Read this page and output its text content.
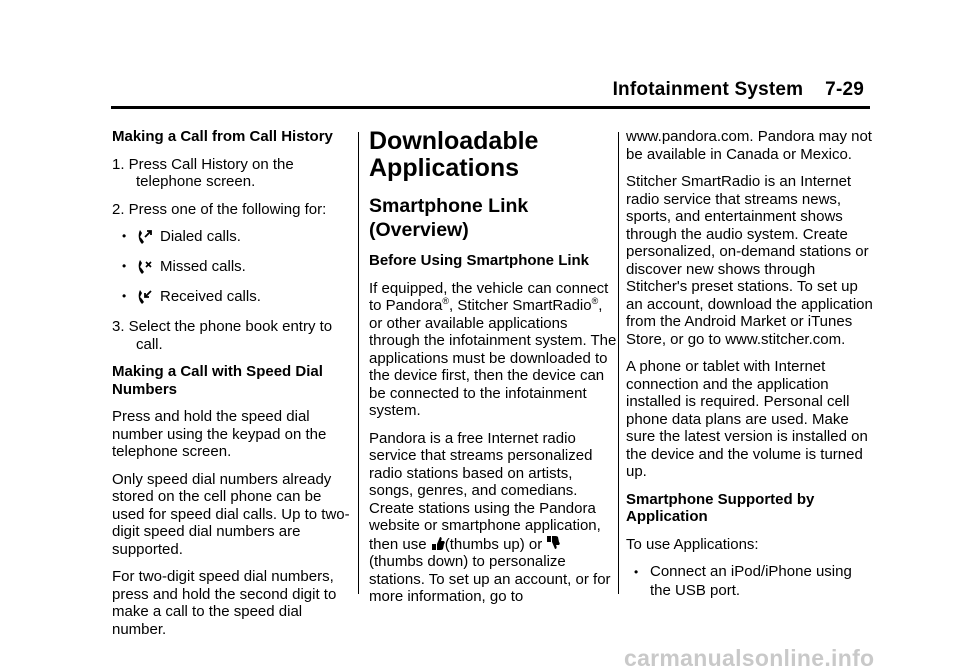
Infotainment System 7-29

Making a Call from Call History

1. Press Call History on the telephone screen.

2. Press one of the following for:

•	Dialed calls.
•	Missed calls.
•	Received calls.

3. Select the phone book entry to call.

Making a Call with Speed Dial Numbers

Press and hold the speed dial number using the keypad on the telephone screen.

Only speed dial numbers already stored on the cell phone can be used for speed dial calls. Up to two-digit speed dial numbers are supported.

For two-digit speed dial numbers, press and hold the second digit to make a call to the speed dial number.

Downloadable Applications
Smartphone Link (Overview)

Before Using Smartphone Link

If equipped, the vehicle can connect to Pandora®, Stitcher SmartRadio®, or other available applications through the infotainment system. The applications must be downloaded to the device first, then the device can be connected to the infotainment system.

Pandora is a free Internet radio service that streams personalized radio stations based on artists, songs, genres, and comedians. Create stations using the Pandora website or smartphone application, then use (thumbs up) or  (thumbs down) to personalize stations. To set up an account, or for more information, go to

www.pandora.com. Pandora may not be available in Canada or Mexico.

Stitcher SmartRadio is an Internet radio service that streams news, sports, and entertainment shows through the audio system. Create personalized, on-demand stations or discover new shows through Stitcher's preset stations. To set up an account, download the application from the Android Market or iTunes Store, or go to www.stitcher.com.

A phone or tablet with Internet connection and the application installed is required. Personal cell phone data plans are used. Make sure the latest version is installed on the device and the volume is turned up.

Smartphone Supported by Application

To use Applications:

• Connect an iPod/iPhone using the USB port.

carmanualsonline.info
